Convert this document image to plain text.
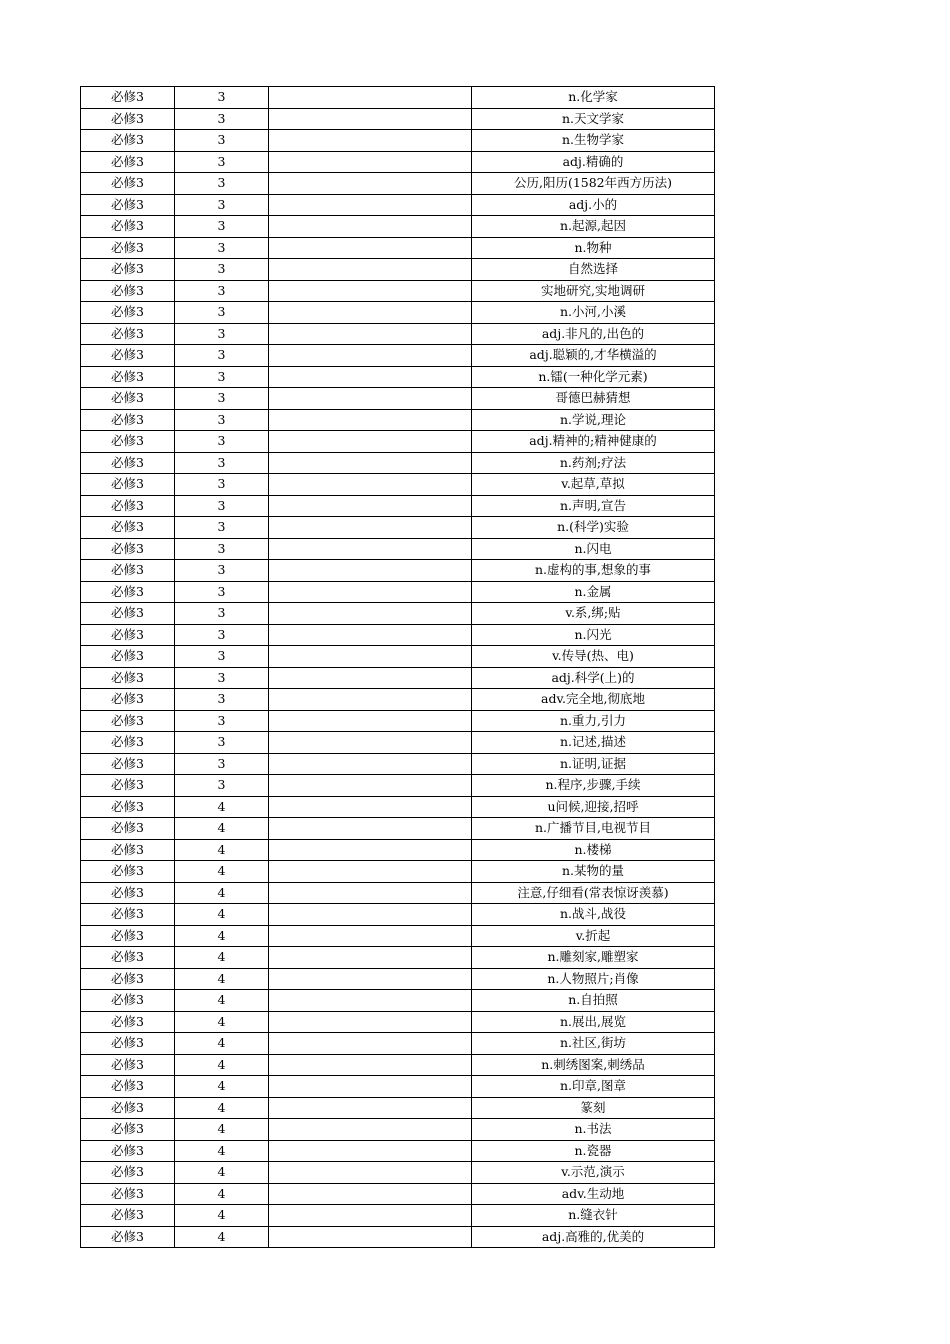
必修3	3		n.化学家
必修3	3		n.天文学家
必修3	3		n.生物学家
必修3	3		adj.精确的
必修3	3		公历,阳历(1582年西方历法)
必修3	3		adj.小的
必修3	3		n.起源,起因
必修3	3		n.物种
必修3	3		自然选择
必修3	3		实地研究,实地调研
必修3	3		n.小河,小溪
必修3	3		adj.非凡的,出色的
必修3	3		adj.聪颖的,才华横溢的
必修3	3		n.镭(一种化学元素)
必修3	3		哥德巴赫猜想
必修3	3		n.学说,理论
必修3	3		adj.精神的;精神健康的
必修3	3		n.药剂;疗法
必修3	3		v.起草,草拟
必修3	3		n.声明,宣告
必修3	3		n.(科学)实验
必修3	3		n.闪电
必修3	3		n.虚构的事,想象的事
必修3	3		n.金属
必修3	3		v.系,绑;贴
必修3	3		n.闪光
必修3	3		v.传导(热、电)
必修3	3		adj.科学(上)的
必修3	3		adv.完全地,彻底地
必修3	3		n.重力,引力
必修3	3		n.记述,描述
必修3	3		n.证明,证据
必修3	3		n.程序,步骤,手续
必修3	4		u问候,迎接,招呼
必修3	4		n.广播节目,电视节目
必修3	4		n.楼梯
必修3	4		n.某物的量
必修3	4		注意,仔细看(常表惊讶羡慕)
必修3	4		n.战斗,战役
必修3	4		v.折起
必修3	4		n.雕刻家,雕塑家
必修3	4		n.人物照片;肖像
必修3	4		n.自拍照
必修3	4		n.展出,展览
必修3	4		n.社区,街坊
必修3	4		n.刺绣图案,刺绣品
必修3	4		n.印章,图章
必修3	4		篆刻
必修3	4		n.书法
必修3	4		n.瓷器
必修3	4		v.示范,演示
必修3	4		adv.生动地
必修3	4		n.缝衣针
必修3	4		adj.高雅的,优美的
